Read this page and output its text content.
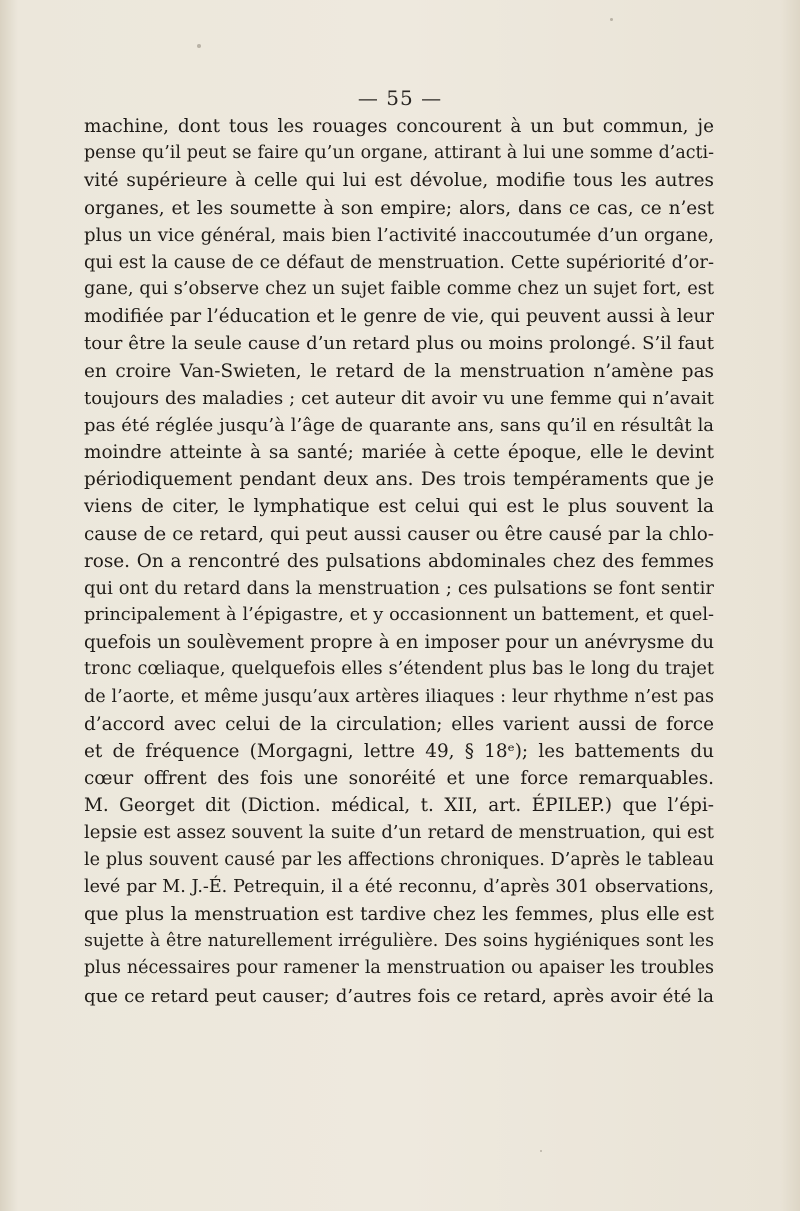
— 55 —
machine, dont tous les rouages concourent à un but commun, je
pense qu’il peut se faire qu’un organe, attirant à lui une somme d’acti-
vité supérieure à celle qui lui est dévolue, modifie tous les autres
organes, et les soumette à son empire; alors, dans ce cas, ce n’est
plus un vice général, mais bien l’activité inaccoutumée d’un organe,
qui est la cause de ce défaut de menstruation. Cette supériorité d’or-
gane, qui s’observe chez un sujet faible comme chez un sujet fort, est
modifiée par l’éducation et le genre de vie, qui peuvent aussi à leur
tour être la seule cause d’un retard plus ou moins prolongé. S’il faut
en croire Van-Swieten, le retard de la menstruation n’amène pas
toujours des maladies ; cet auteur dit avoir vu une femme qui n’avait
pas été réglée jusqu’à l’âge de quarante ans, sans qu’il en résultât la
moindre atteinte à sa santé; mariée à cette époque, elle le devint
périodiquement pendant deux ans. Des trois tempéraments que je
viens de citer, le lymphatique est celui qui est le plus souvent la
cause de ce retard, qui peut aussi causer ou être causé par la chlo-
rose. On a rencontré des pulsations abdominales chez des femmes
qui ont du retard dans la menstruation ; ces pulsations se font sentir
principalement à l’épigastre, et y occasionnent un battement, et quel-
quefois un soulèvement propre à en imposer pour un anévrysme du
tronc cœliaque, quelquefois elles s’étendent plus bas le long du trajet
de l’aorte, et même jusqu’aux artères iliaques : leur rhythme n’est pas
d’accord avec celui de la circulation; elles varient aussi de force
et de fréquence (Morgagni, lettre 49, § 18ᵉ); les battements du
cœur offrent des fois une sonoréité et une force remarquables.
M. Georget dit (Diction. médical, t. XII, art. ÉPILEP.) que l’épi-
lepsie est assez souvent la suite d’un retard de menstruation, qui est
le plus souvent causé par les affections chroniques. D’après le tableau
levé par M. J.-É. Petrequin, il a été reconnu, d’après 301 observations,
que plus la menstruation est tardive chez les femmes, plus elle est
sujette à être naturellement irrégulière. Des soins hygiéniques sont les
plus nécessaires pour ramener la menstruation ou apaiser les troubles
que ce retard peut causer; d’autres fois ce retard, après avoir été la
